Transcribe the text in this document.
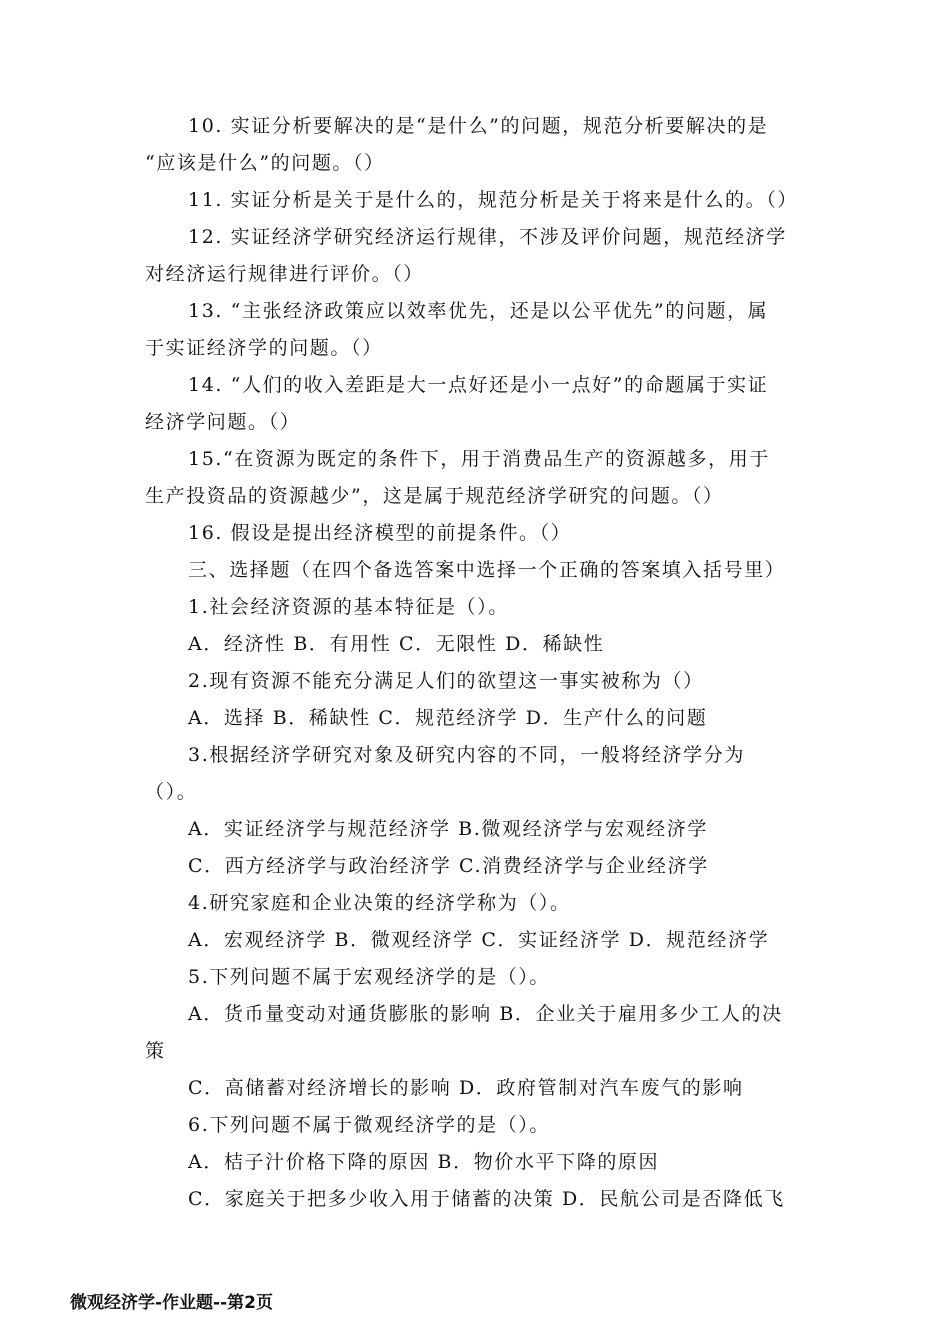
10. 实证分析要解决的是“是什么”的问题，规范分析要解决的是
“应该是什么”的问题。（）
11. 实证分析是关于是什么的，规范分析是关于将来是什么的。（）
12. 实证经济学研究经济运行规律，不涉及评价问题，规范经济学
对经济运行规律进行评价。（）
13. “主张经济政策应以效率优先，还是以公平优先”的问题，属
于实证经济学的问题。（）
14. “人们的收入差距是大一点好还是小一点好”的命题属于实证
经济学问题。（）
15.“在资源为既定的条件下，用于消费品生产的资源越多，用于
生产投资品的资源越少”，这是属于规范经济学研究的问题。（）
16. 假设是提出经济模型的前提条件。（）
三、选择题（在四个备选答案中选择一个正确的答案填入括号里）
1.社会经济资源的基本特征是（）。
A．经济性 B．有用性 C．无限性 D．稀缺性
2.现有资源不能充分满足人们的欲望这一事实被称为（）
A．选择 B．稀缺性 C．规范经济学 D．生产什么的问题
3.根据经济学研究对象及研究内容的不同，一般将经济学分为
（）。
A．实证经济学与规范经济学 B.微观经济学与宏观经济学
C．西方经济学与政治经济学 C.消费经济学与企业经济学
4.研究家庭和企业决策的经济学称为（）。
A．宏观经济学 B．微观经济学 C．实证经济学 D．规范经济学
5.下列问题不属于宏观经济学的是（）。
A．货币量变动对通货膨胀的影响 B．企业关于雇用多少工人的决
策
C．高储蓄对经济增长的影响 D．政府管制对汽车废气的影响
6.下列问题不属于微观经济学的是（）。
A．桔子汁价格下降的原因 B．物价水平下降的原因
C．家庭关于把多少收入用于储蓄的决策 D．民航公司是否降低飞
微观经济学-作业题--第2页
